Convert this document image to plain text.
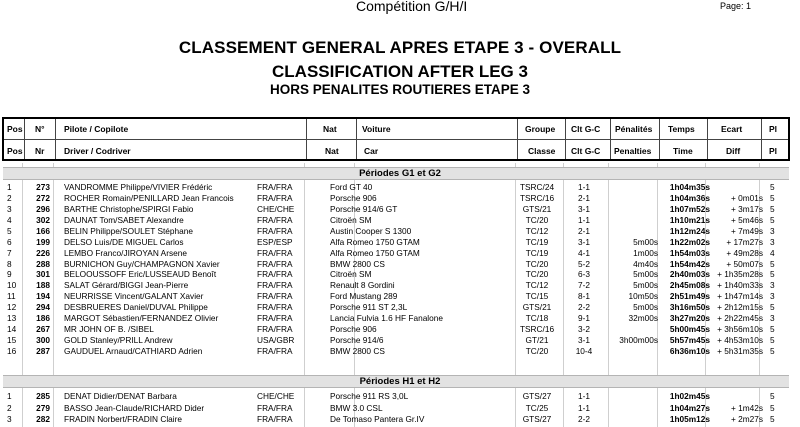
Compétition G/H/I	Page: 1
CLASSEMENT GENERAL APRES ETAPE 3 - OVERALL
CLASSIFICATION AFTER LEG 3
HORS PENALITES ROUTIERES ETAPE 3
Pos N° Pilote / Copilote	Nat	Voiture	Groupe Clt G-C Pénalités Temps	Ecart	Pl
Pos Nr Driver / Codriver	Nat	Car	Classe Clt G-C Penalties	Time	Diff	Pl
Périodes G1 et G2
1	273 VANDROMME Philippe/VIVIER Frédéric	FRA/FRA	Ford GT 40	TSRC/24	1-1	1h04m35s	5
2	272 ROCHER Romain/PENILLARD Jean Francois	FRA/FRA	Porsche 906	TSRC/16	2-1	1h04m36s	+ 0m01s 5
3	296 BARTHE Christophe/SPIRGI Fabio	CHE/CHE	Porsche 914/6 GT	GTS/21	3-1	1h07m52s	+ 3m17s 5
4	302 DAUNAT Tom/SABET Alexandre	FRA/FRA	Citroën SM	TC/20	1-1	1h10m21s	+ 5m46s 5
5	166 BELIN Philippe/SOULET Stéphane	FRA/FRA	Austin Cooper S 1300	TC/12	2-1	1h12m24s	+ 7m49s 3
6	199 DELSO Luis/DE MIGUEL Carlos	ESP/ESP	Alfa Romeo 1750 GTAM	TC/19	3-1	5m00s	1h22m02s	+ 17m27s 3
7	226 LEMBO Franco/JIROYAN Arsene	FRA/FRA	Alfa Romeo 1750 GTAM	TC/19	4-1	1m00s	1h54m03s	+ 49m28s 4
8	288 BURNICHON Guy/CHAMPAGNON Xavier	FRA/FRA	BMW 2800 CS	TC/20	5-2	4m40s	1h54m42s	+ 50m07s 5
9	301 BELOOUSSOFF Eric/LUSSEAUD Benoît	FRA/FRA	Citroën SM	TC/20	6-3	5m00s	2h40m03s + 1h35m28s 5
10	188 SALAT Gérard/BIGGI Jean-Pierre	FRA/FRA	Renault 8 Gordini	TC/12	7-2	5m00s	2h45m08s + 1h40m33s 3
11	194 NEURRISSE Vincent/GALANT Xavier	FRA/FRA	Ford Mustang 289	TC/15	8-1	10m50s	2h51m49s + 1h47m14s 3
12	294 DESBRUERES Daniel/DUVAL Philippe	FRA/FRA	Porsche 911 ST 2,3L	GTS/21	2-2	5m00s	3h16m50s + 2h12m15s 5
13	186 MARGOT Sébastien/FERNANDEZ Olivier	FRA/FRA	Lancia Fulvia 1.6 HF Fanalone	TC/18	9-1	32m00s	3h27m20s + 2h22m45s 3
14	267 MR JOHN OF B. /SIBEL	FRA/FRA	Porsche 906	TSRC/16	3-2	5h00m45s + 3h56m10s 5
15	300 GOLD Stanley/PRILL Andrew	USA/GBR	Porsche 914/6	GT/21	3-1	3h00m00s	5h57m45s + 4h53m10s 5
16	287 GAUDUEL Arnaud/CATHIARD Adrien	FRA/FRA	BMW 2800 CS	TC/20	10-4	6h36m10s + 5h31m35s 5
Périodes H1 et H2
1	285 DENAT Didier/DENAT Barbara	CHE/CHE	Porsche 911 RS 3,0L	GTS/27	1-1	1h02m45s	5
2	279 BASSO Jean-Claude/RICHARD Dider	FRA/FRA	BMW 3.0 CSL	TC/25	1-1	1h04m27s	+ 1m42s 5
3	282 FRADIN Norbert/FRADIN Claire	FRA/FRA	De Tomaso Pantera Gr.IV	GTS/27	2-2	1h05m12s	+ 2m27s 5
